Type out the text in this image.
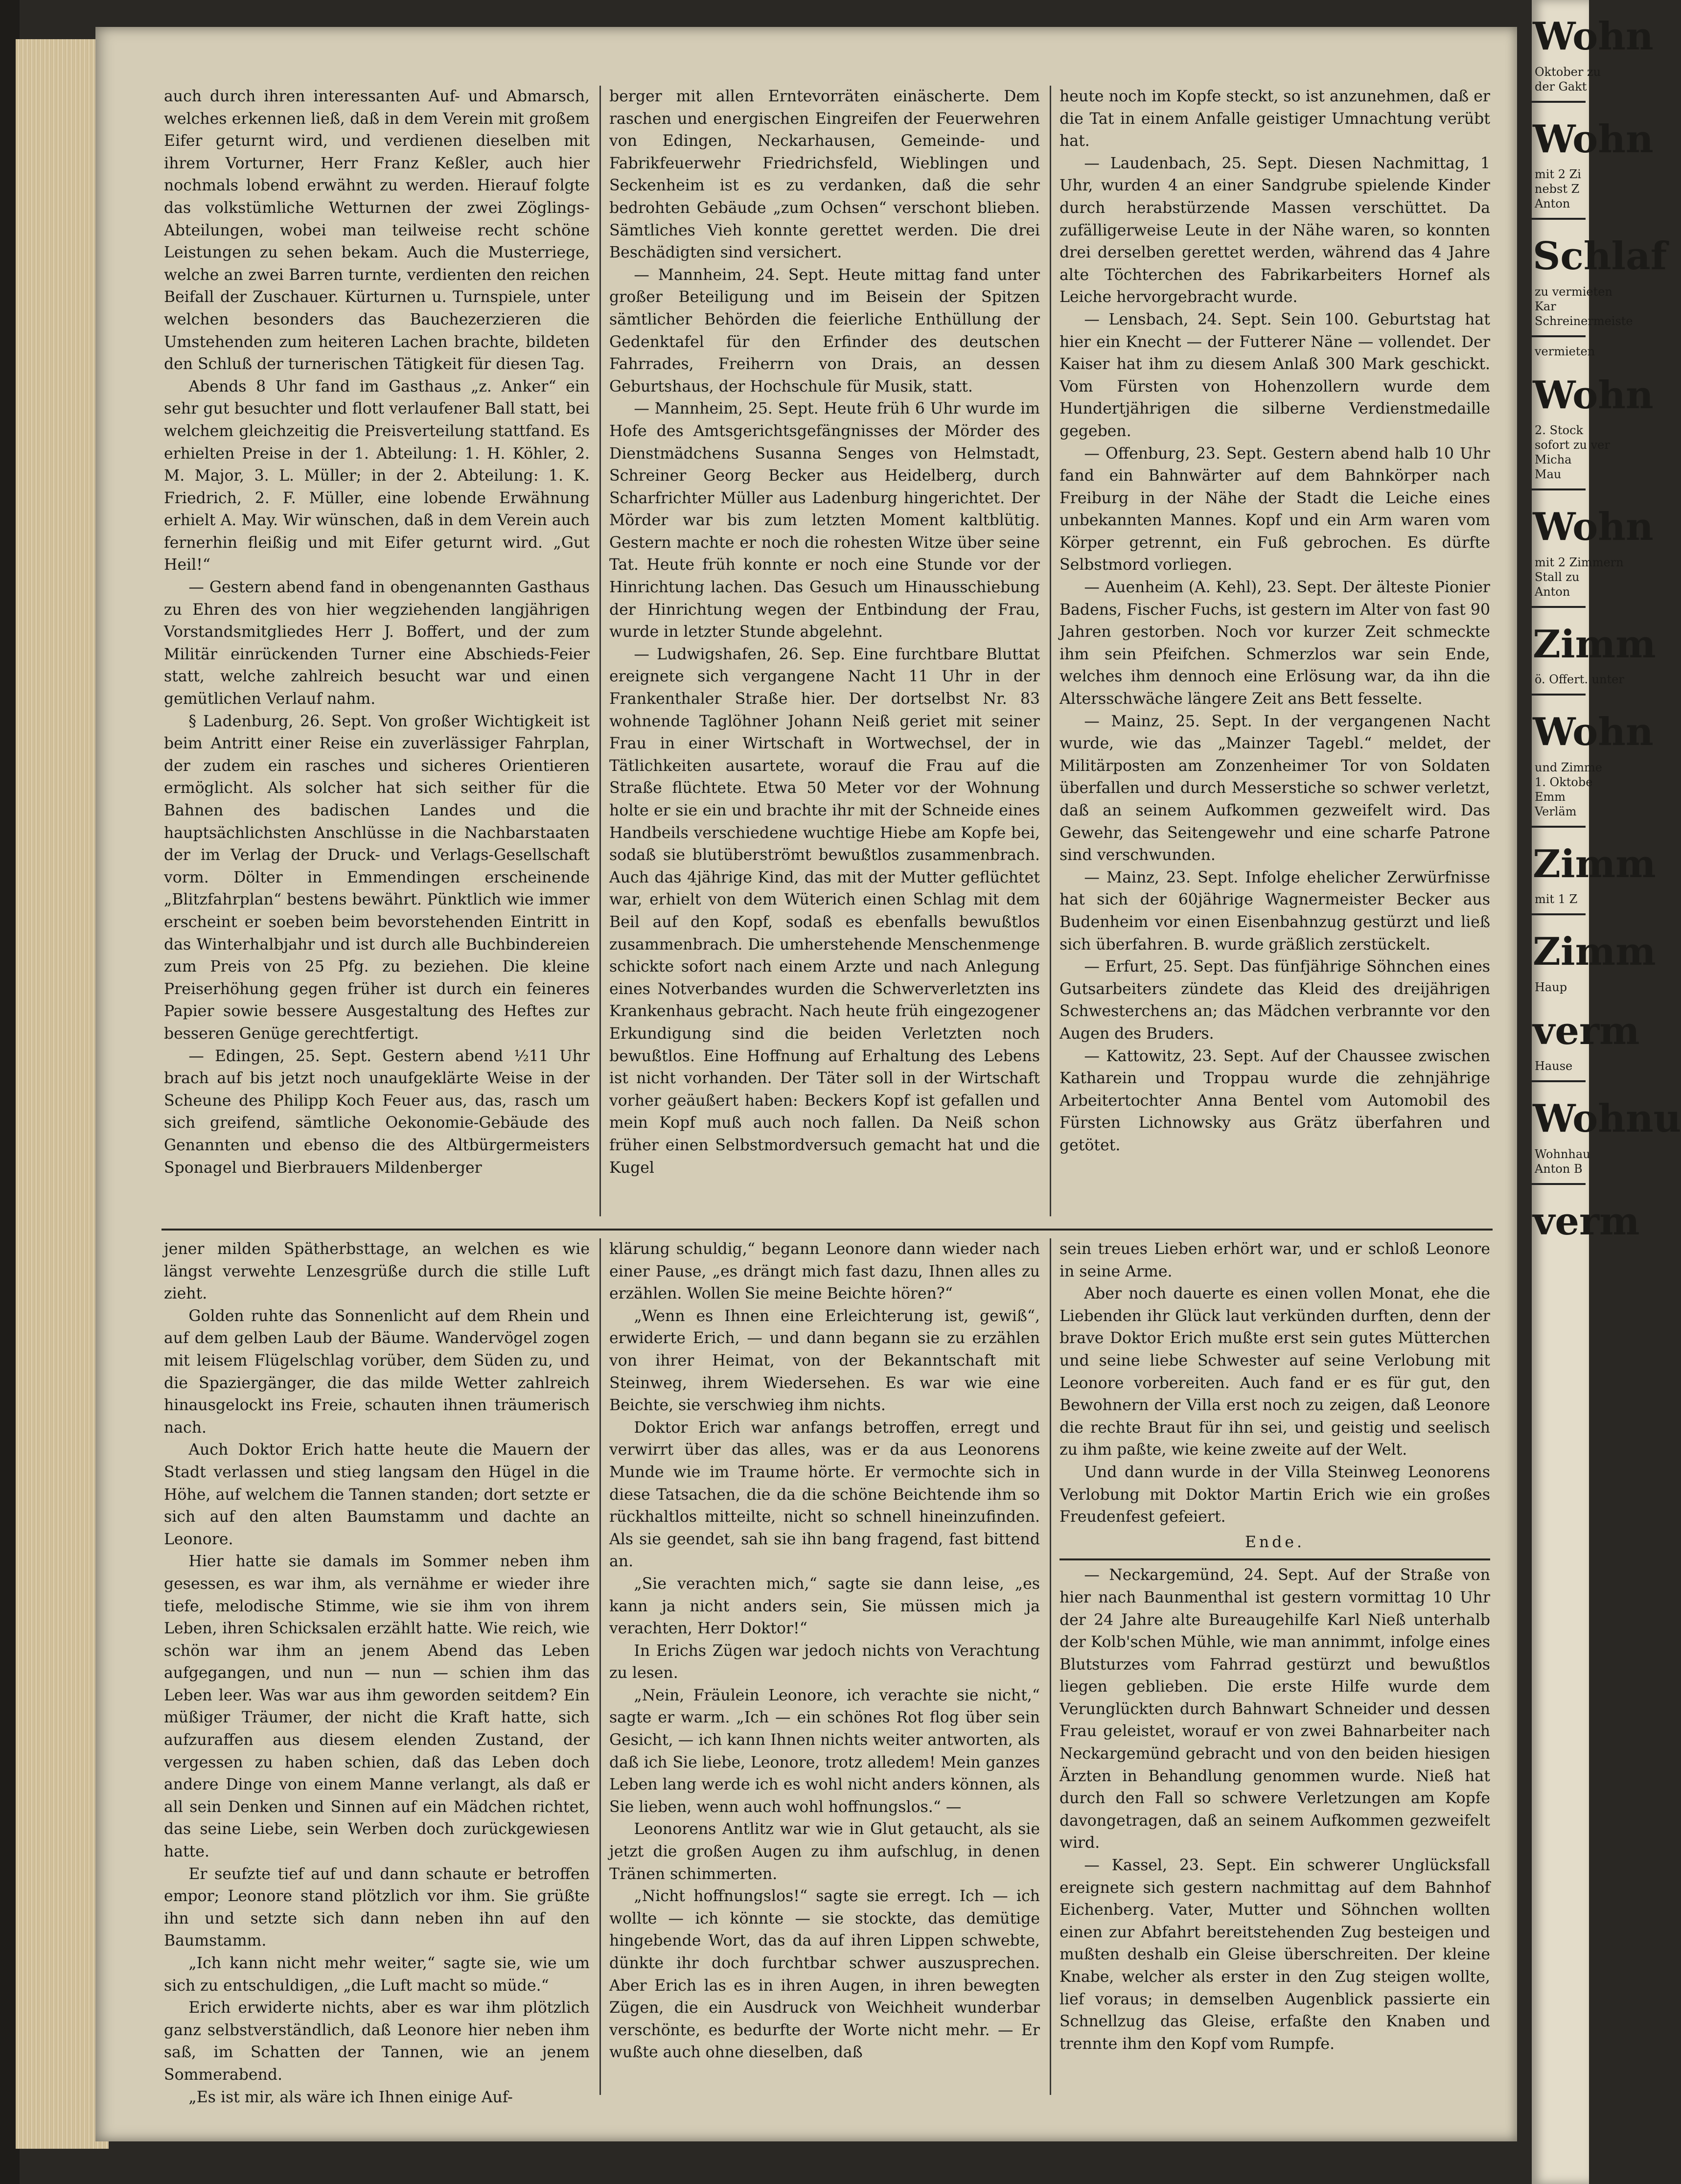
auch durch ihren interessanten Auf- und Abmarsch, welches erkennen ließ, daß in dem Verein mit großem Eifer geturnt wird, und verdienen dieselben mit ihrem Vorturner, Herr Franz Keßler, auch hier nochmals lobend erwähnt zu werden. Hierauf folgte das volkstümliche Wetturnen der zwei Zöglings-Abteilungen, wobei man teilweise recht schöne Leistungen zu sehen bekam. Auch die Musterriege, welche an zwei Barren turnte, verdienten den reichen Beifall der Zuschauer. Kürturnen u. Turnspiele, unter welchen besonders das Bauchezerzieren die Umstehenden zum heiteren Lachen brachte, bildeten den Schluß der turnerischen Tätigkeit für diesen Tag.

Abends 8 Uhr fand im Gasthaus „z. Anker“ ein sehr gut besuchter und flott verlaufener Ball statt, bei welchem gleichzeitig die Preisverteilung stattfand. Es erhielten Preise in der 1. Abteilung: 1. H. Köhler, 2. M. Major, 3. L. Müller; in der 2. Abteilung: 1. K. Friedrich, 2. F. Müller, eine lobende Erwähnung erhielt A. May. Wir wünschen, daß in dem Verein auch fernerhin fleißig und mit Eifer geturnt wird. „Gut Heil!“

— Gestern abend fand in obengenannten Gasthaus zu Ehren des von hier wegziehenden langjährigen Vorstandsmitgliedes Herr J. Boffert, und der zum Militär einrückenden Turner eine Abschieds-Feier statt, welche zahlreich besucht war und einen gemütlichen Verlauf nahm.

§ Ladenburg, 26. Sept. Von großer Wichtigkeit ist beim Antritt einer Reise ein zuverlässiger Fahrplan, der zudem ein rasches und sicheres Orientieren ermöglicht. Als solcher hat sich seither für die Bahnen des badischen Landes und die hauptsächlichsten Anschlüsse in die Nachbarstaaten der im Verlag der Druck- und Verlags-Gesellschaft vorm. Dölter in Emmendingen erscheinende „Blitzfahrplan“ bestens bewährt. Pünktlich wie immer erscheint er soeben beim bevorstehenden Eintritt in das Winterhalbjahr und ist durch alle Buchbindereien zum Preis von 25 Pfg. zu beziehen. Die kleine Preiserhöhung gegen früher ist durch ein feineres Papier sowie bessere Ausgestaltung des Heftes zur besseren Genüge gerechtfertigt.

— Edingen, 25. Sept. Gestern abend ½11 Uhr brach auf bis jetzt noch unaufgeklärte Weise in der Scheune des Philipp Koch Feuer aus, das, rasch um sich greifend, sämtliche Oekonomie-Gebäude des Genannten und ebenso die des Altbürgermeisters Sponagel und Bierbrauers Mildenberger

berger mit allen Erntevorräten einäscherte. Dem raschen und energischen Eingreifen der Feuerwehren von Edingen, Neckarhausen, Gemeinde- und Fabrikfeuerwehr Friedrichsfeld, Wieblingen und Seckenheim ist es zu verdanken, daß die sehr bedrohten Gebäude „zum Ochsen“ verschont blieben. Sämtliches Vieh konnte gerettet werden. Die drei Beschädigten sind versichert.

— Mannheim, 24. Sept. Heute mittag fand unter großer Beteiligung und im Beisein der Spitzen sämtlicher Behörden die feierliche Enthüllung der Gedenktafel für den Erfinder des deutschen Fahrrades, Freiherrn von Drais, an dessen Geburtshaus, der Hochschule für Musik, statt.

— Mannheim, 25. Sept. Heute früh 6 Uhr wurde im Hofe des Amtsgerichtsgefängnisses der Mörder des Dienstmädchens Susanna Senges von Helmstadt, Schreiner Georg Becker aus Heidelberg, durch Scharfrichter Müller aus Ladenburg hingerichtet. Der Mörder war bis zum letzten Moment kaltblütig. Gestern machte er noch die rohesten Witze über seine Tat. Heute früh konnte er noch eine Stunde vor der Hinrichtung lachen. Das Gesuch um Hinausschiebung der Hinrichtung wegen der Entbindung der Frau, wurde in letzter Stunde abgelehnt.

— Ludwigshafen, 26. Sep. Eine furchtbare Bluttat ereignete sich vergangene Nacht 11 Uhr in der Frankenthaler Straße hier. Der dortselbst Nr. 83 wohnende Taglöhner Johann Neiß geriet mit seiner Frau in einer Wirtschaft in Wortwechsel, der in Tätlichkeiten ausartete, worauf die Frau auf die Straße flüchtete. Etwa 50 Meter vor der Wohnung holte er sie ein und brachte ihr mit der Schneide eines Handbeils verschiedene wuchtige Hiebe am Kopfe bei, sodaß sie blutüberströmt bewußtlos zusammenbrach. Auch das 4jährige Kind, das mit der Mutter geflüchtet war, erhielt von dem Wüterich einen Schlag mit dem Beil auf den Kopf, sodaß es ebenfalls bewußtlos zusammenbrach. Die umherstehende Menschenmenge schickte sofort nach einem Arzte und nach Anlegung eines Notverbandes wurden die Schwerverletzten ins Krankenhaus gebracht. Nach heute früh eingezogener Erkundigung sind die beiden Verletzten noch bewußtlos. Eine Hoffnung auf Erhaltung des Lebens ist nicht vorhanden. Der Täter soll in der Wirtschaft vorher geäußert haben: Beckers Kopf ist gefallen und mein Kopf muß auch noch fallen. Da Neiß schon früher einen Selbstmordversuch gemacht hat und die Kugel

heute noch im Kopfe steckt, so ist anzunehmen, daß er die Tat in einem Anfalle geistiger Umnachtung verübt hat.

— Laudenbach, 25. Sept. Diesen Nachmittag, 1 Uhr, wurden 4 an einer Sandgrube spielende Kinder durch herabstürzende Massen verschüttet. Da zufälligerweise Leute in der Nähe waren, so konnten drei derselben gerettet werden, während das 4 Jahre alte Töchterchen des Fabrikarbeiters Hornef als Leiche hervorgebracht wurde.

— Lensbach, 24. Sept. Sein 100. Geburtstag hat hier ein Knecht — der Futterer Näne — vollendet. Der Kaiser hat ihm zu diesem Anlaß 300 Mark geschickt. Vom Fürsten von Hohenzollern wurde dem Hundertjährigen die silberne Verdienstmedaille gegeben.

— Offenburg, 23. Sept. Gestern abend halb 10 Uhr fand ein Bahnwärter auf dem Bahnkörper nach Freiburg in der Nähe der Stadt die Leiche eines unbekannten Mannes. Kopf und ein Arm waren vom Körper getrennt, ein Fuß gebrochen. Es dürfte Selbstmord vorliegen.

— Auenheim (A. Kehl), 23. Sept. Der älteste Pionier Badens, Fischer Fuchs, ist gestern im Alter von fast 90 Jahren gestorben. Noch vor kurzer Zeit schmeckte ihm sein Pfeifchen. Schmerzlos war sein Ende, welches ihm dennoch eine Erlösung war, da ihn die Altersschwäche längere Zeit ans Bett fesselte.

— Mainz, 25. Sept. In der vergangenen Nacht wurde, wie das „Mainzer Tagebl.“ meldet, der Militärposten am Zonzenheimer Tor von Soldaten überfallen und durch Messerstiche so schwer verletzt, daß an seinem Aufkommen gezweifelt wird. Das Gewehr, das Seitengewehr und eine scharfe Patrone sind verschwunden.

— Mainz, 23. Sept. Infolge ehelicher Zerwürfnisse hat sich der 60jährige Wagnermeister Becker aus Budenheim vor einen Eisenbahnzug gestürzt und ließ sich überfahren. B. wurde gräßlich zerstückelt.

— Erfurt, 25. Sept. Das fünfjährige Söhnchen eines Gutsarbeiters zündete das Kleid des dreijährigen Schwesterchens an; das Mädchen verbrannte vor den Augen des Bruders.

— Kattowitz, 23. Sept. Auf der Chaussee zwischen Katharein und Troppau wurde die zehnjährige Arbeitertochter Anna Bentel vom Automobil des Fürsten Lichnowsky aus Grätz überfahren und getötet.

jener milden Spätherbsttage, an welchen es wie längst verwehte Lenzesgrüße durch die stille Luft zieht.

Golden ruhte das Sonnenlicht auf dem Rhein und auf dem gelben Laub der Bäume. Wandervögel zogen mit leisem Flügelschlag vorüber, dem Süden zu, und die Spaziergänger, die das milde Wetter zahlreich hinausgelockt ins Freie, schauten ihnen träumerisch nach.

Auch Doktor Erich hatte heute die Mauern der Stadt verlassen und stieg langsam den Hügel in die Höhe, auf welchem die Tannen standen; dort setzte er sich auf den alten Baumstamm und dachte an Leonore.

Hier hatte sie damals im Sommer neben ihm gesessen, es war ihm, als vernähme er wieder ihre tiefe, melodische Stimme, wie sie ihm von ihrem Leben, ihren Schicksalen erzählt hatte. Wie reich, wie schön war ihm an jenem Abend das Leben aufgegangen, und nun — nun — schien ihm das Leben leer. Was war aus ihm geworden seitdem? Ein müßiger Träumer, der nicht die Kraft hatte, sich aufzuraffen aus diesem elenden Zustand, der vergessen zu haben schien, daß das Leben doch andere Dinge von einem Manne verlangt, als daß er all sein Denken und Sinnen auf ein Mädchen richtet, das seine Liebe, sein Werben doch zurückgewiesen hatte.

Er seufzte tief auf und dann schaute er betroffen empor; Leonore stand plötzlich vor ihm. Sie grüßte ihn und setzte sich dann neben ihn auf den Baumstamm.

„Ich kann nicht mehr weiter,“ sagte sie, wie um sich zu entschuldigen, „die Luft macht so müde.“

Erich erwiderte nichts, aber es war ihm plötzlich ganz selbstverständlich, daß Leonore hier neben ihm saß, im Schatten der Tannen, wie an jenem Sommerabend.

„Es ist mir, als wäre ich Ihnen einige Auf-

klärung schuldig,“ begann Leonore dann wieder nach einer Pause, „es drängt mich fast dazu, Ihnen alles zu erzählen. Wollen Sie meine Beichte hören?“

„Wenn es Ihnen eine Erleichterung ist, gewiß“, erwiderte Erich, — und dann begann sie zu erzählen von ihrer Heimat, von der Bekanntschaft mit Steinweg, ihrem Wiedersehen. Es war wie eine Beichte, sie verschwieg ihm nichts.

Doktor Erich war anfangs betroffen, erregt und verwirrt über das alles, was er da aus Leonorens Munde wie im Traume hörte. Er vermochte sich in diese Tatsachen, die da die schöne Beichtende ihm so rückhaltlos mitteilte, nicht so schnell hineinzufinden. Als sie geendet, sah sie ihn bang fragend, fast bittend an.

„Sie verachten mich,“ sagte sie dann leise, „es kann ja nicht anders sein, Sie müssen mich ja verachten, Herr Doktor!“

In Erichs Zügen war jedoch nichts von Verachtung zu lesen.

„Nein, Fräulein Leonore, ich verachte sie nicht,“ sagte er warm. „Ich — ein schönes Rot flog über sein Gesicht, — ich kann Ihnen nichts weiter antworten, als daß ich Sie liebe, Leonore, trotz alledem! Mein ganzes Leben lang werde ich es wohl nicht anders können, als Sie lieben, wenn auch wohl hoffnungslos.“ —

Leonorens Antlitz war wie in Glut getaucht, als sie jetzt die großen Augen zu ihm aufschlug, in denen Tränen schimmerten.

„Nicht hoffnungslos!“ sagte sie erregt. Ich — ich wollte — ich könnte — sie stockte, das demütige hingebende Wort, das da auf ihren Lippen schwebte, dünkte ihr doch furchtbar schwer auszusprechen. Aber Erich las es in ihren Augen, in ihren bewegten Zügen, die ein Ausdruck von Weichheit wunderbar verschönte, es bedurfte der Worte nicht mehr. — Er wußte auch ohne dieselben, daß

sein treues Lieben erhört war, und er schloß Leonore in seine Arme.

Aber noch dauerte es einen vollen Monat, ehe die Liebenden ihr Glück laut verkünden durften, denn der brave Doktor Erich mußte erst sein gutes Mütterchen und seine liebe Schwester auf seine Verlobung mit Leonore vorbereiten. Auch fand er es für gut, den Bewohnern der Villa erst noch zu zeigen, daß Leonore die rechte Braut für ihn sei, und geistig und seelisch zu ihm paßte, wie keine zweite auf der Welt.

Und dann wurde in der Villa Steinweg Leonorens Verlobung mit Doktor Martin Erich wie ein großes Freudenfest gefeiert.

Ende.

— Neckargemünd, 24. Sept. Auf der Straße von hier nach Baunmenthal ist gestern vormittag 10 Uhr der 24 Jahre alte Bureaugehilfe Karl Nieß unterhalb der Kolb'schen Mühle, wie man annimmt, infolge eines Blutsturzes vom Fahrrad gestürzt und bewußtlos liegen geblieben. Die erste Hilfe wurde dem Verunglückten durch Bahnwart Schneider und dessen Frau geleistet, worauf er von zwei Bahnarbeiter nach Neckargemünd gebracht und von den beiden hiesigen Ärzten in Behandlung genommen wurde. Nieß hat durch den Fall so schwere Verletzungen am Kopfe davongetragen, daß an seinem Aufkommen gezweifelt wird.

— Kassel, 23. Sept. Ein schwerer Unglücksfall ereignete sich gestern nachmittag auf dem Bahnhof Eichenberg. Vater, Mutter und Söhnchen wollten einen zur Abfahrt bereitstehenden Zug besteigen und mußten deshalb ein Gleise überschreiten. Der kleine Knabe, welcher als erster in den Zug steigen wollte, lief voraus; in demselben Augenblick passierte ein Schnellzug das Gleise, erfaßte den Knaben und trennte ihm den Kopf vom Rumpfe.

Wohn
Oktober zu
der Gakt
Wohn
mit 2 Zi
nebst Z
Anton
Schlaf
zu vermieten
Kar
Schreinermeiste
vermieten
Wohn
2. Stock
sofort zu ver
Micha
Mau
Wohn
mit 2 Zimmern
Stall zu
Anton
Zimm
ö. Offert. unter
Wohn
und Zimme
1. Oktobe
Emm
Verläm
Zimm
mit 1 Z
Zimm
Haup
verm
Hause
Wohnu
Wohnhau
Anton B
verm
